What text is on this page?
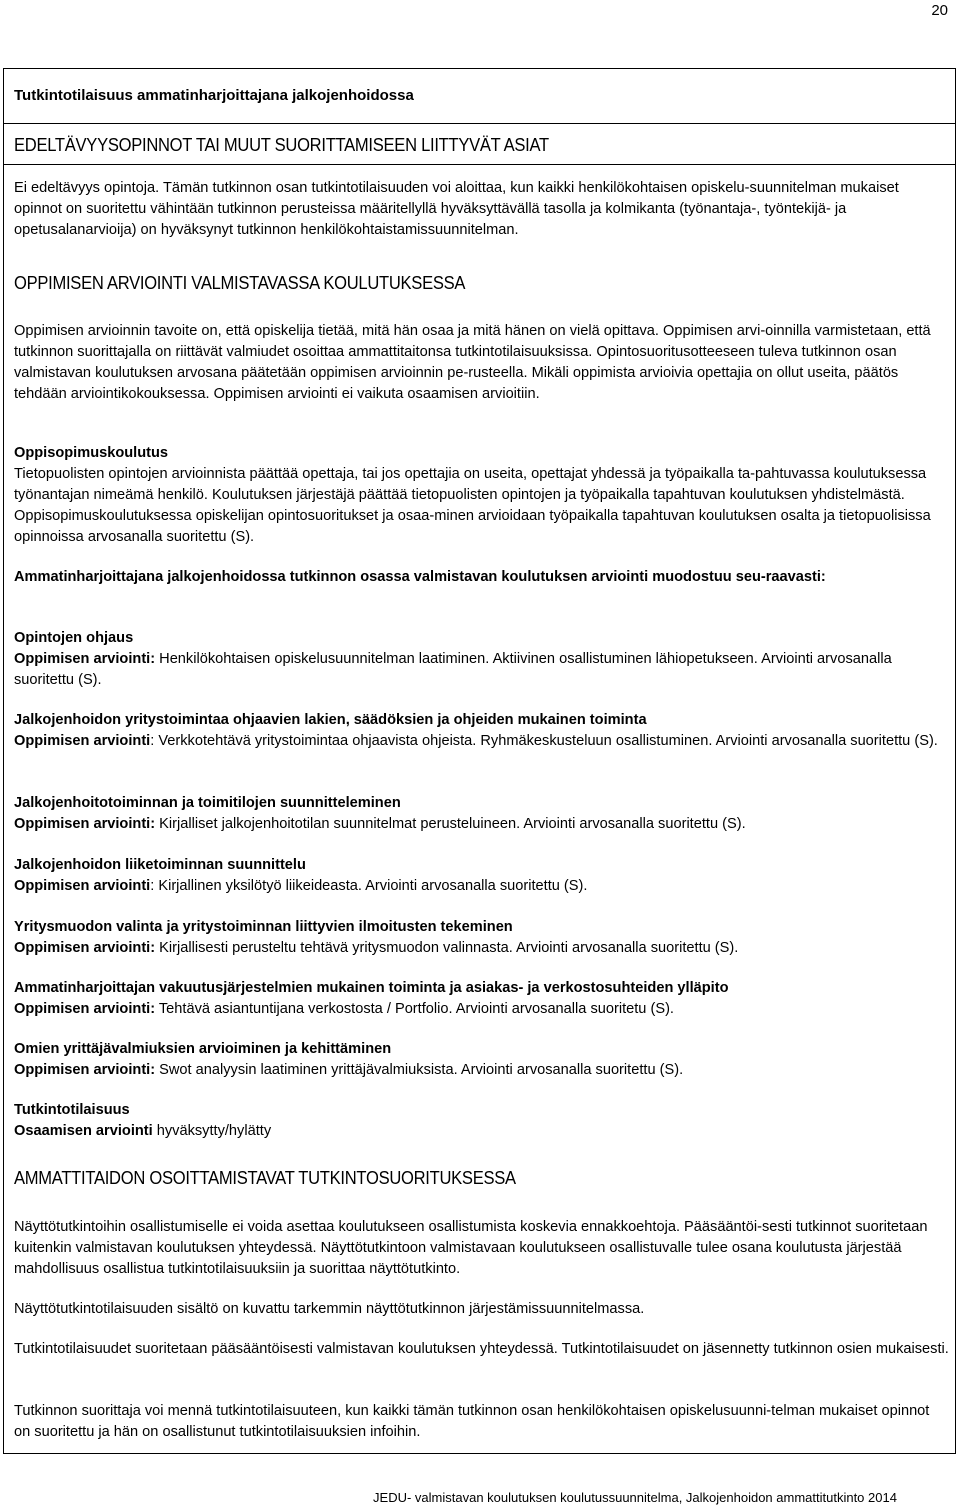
20
Tutkintotilaisuus ammatinharjoittajana jalkojenhoidossa
EDELTÄVYYSOPINNOT TAI MUUT SUORITTAMISEEN LIITTYVÄT ASIAT

Ei edeltävyys opintoja. Tämän tutkinnon osan tutkintotilaisuuden voi aloittaa, kun kaikki henkilökohtaisen opiskelu-suunnitelman mukaiset opinnot on suoritettu vähintään tutkinnon perusteissa määritellyllä hyväksyttävällä tasolla ja kolmikanta (työnantaja-, työntekijä- ja opetusalanarvioija) on hyväksynyt tutkinnon henkilökohtaistamissuunnitelman.

OPPIMISEN ARVIOINTI VALMISTAVASSA KOULUTUKSESSA

Oppimisen arvioinnin tavoite on, että opiskelija tietää, mitä hän osaa ja mitä hänen on vielä opittava. Oppimisen arvi-oinnilla varmistetaan, että tutkinnon suorittajalla on riittävät valmiudet osoittaa ammattitaitonsa tutkintotilaisuuksissa. Opintosuoritusotteeseen tuleva tutkinnon osan valmistavan koulutuksen arvosana päätetään oppimisen arvioinnin pe-rusteella. Mikäli oppimista arvioivia opettajia on ollut useita, päätös tehdään arviointikokouksessa. Oppimisen arviointi ei vaikuta osaamisen arvioitiin.

Oppisopimuskoulutus

Tietopuolisten opintojen arvioinnista päättää opettaja, tai jos opettajia on useita, opettajat yhdessä ja työpaikalla ta-pahtuvassa koulutuksessa työnantajan nimeämä henkilö. Koulutuksen järjestäjä päättää tietopuolisten opintojen ja työpaikalla tapahtuvan koulutuksen yhdistelmästä. Oppisopimuskoulutuksessa opiskelijan opintosuoritukset ja osaa-minen arvioidaan työpaikalla tapahtuvan koulutuksen osalta ja tietopuolisissa opinnoissa arvosanalla suoritettu (S).

Ammatinharjoittajana jalkojenhoidossa tutkinnon osassa valmistavan koulutuksen arviointi muodostuu seu-raavasti:

Opintojen ohjaus

Oppimisen arviointi: Henkilökohtaisen opiskelusuunnitelman laatiminen. Aktiivinen osallistuminen lähiopetukseen. Arviointi arvosanalla suoritettu (S).

Jalkojenhoidon yritystoimintaa ohjaavien lakien, säädöksien ja ohjeiden mukainen toiminta

Oppimisen arviointi: Verkkotehtävä yritystoimintaa ohjaavista ohjeista. Ryhmäkeskusteluun osallistuminen. Arviointi arvosanalla suoritettu (S).

Jalkojenhoitotoiminnan ja toimitilojen suunnitteleminen

Oppimisen arviointi: Kirjalliset jalkojenhoitotilan suunnitelmat perusteluineen. Arviointi arvosanalla suoritettu (S).

Jalkojenhoidon liiketoiminnan suunnittelu

Oppimisen arviointi: Kirjallinen yksilötyö liikeideasta. Arviointi arvosanalla suoritettu (S).

Yritysmuodon valinta ja yritystoiminnan liittyvien ilmoitusten tekeminen

Oppimisen arviointi: Kirjallisesti perusteltu tehtävä yritysmuodon valinnasta. Arviointi arvosanalla suoritettu (S).

Ammatinharjoittajan vakuutusjärjestelmien mukainen toiminta ja asiakas- ja verkostosuhteiden ylläpito

Oppimisen arviointi: Tehtävä asiantuntijana verkostosta / Portfolio. Arviointi arvosanalla suoritetu (S).

Omien yrittäjävalmiuksien arvioiminen ja kehittäminen

Oppimisen arviointi: Swot analyysin laatiminen yrittäjävalmiuksista. Arviointi arvosanalla suoritettu (S).

Tutkintotilaisuus

Osaamisen arviointi hyväksytty/hylätty

AMMATTITAIDON OSOITTAMISTAVAT TUTKINTOSUORITUKSESSA

Näyttötutkintoihin osallistumiselle ei voida asettaa koulutukseen osallistumista koskevia ennakkoehtoja. Pääsääntöi-sesti tutkinnot suoritetaan kuitenkin valmistavan koulutuksen yhteydessä. Näyttötutkintoon valmistavaan koulutukseen osallistuvalle tulee osana koulutusta järjestää mahdollisuus osallistua tutkintotilaisuuksiin ja suorittaa näyttötutkinto.

Näyttötutkintotilaisuuden sisältö on kuvattu tarkemmin näyttötutkinnon järjestämissuunnitelmassa.

Tutkintotilaisuudet suoritetaan pääsääntöisesti valmistavan koulutuksen yhteydessä. Tutkintotilaisuudet on jäsennetty tutkinnon osien mukaisesti.

Tutkinnon suorittaja voi mennä tutkintotilaisuuteen, kun kaikki tämän tutkinnon osan henkilökohtaisen opiskelusuunni-telman mukaiset opinnot on suoritettu ja hän on osallistunut tutkintotilaisuuksien infoihin.

JEDU- valmistavan koulutuksen koulutussuunnitelma, Jalkojenhoidon ammattitutkinto 2014
